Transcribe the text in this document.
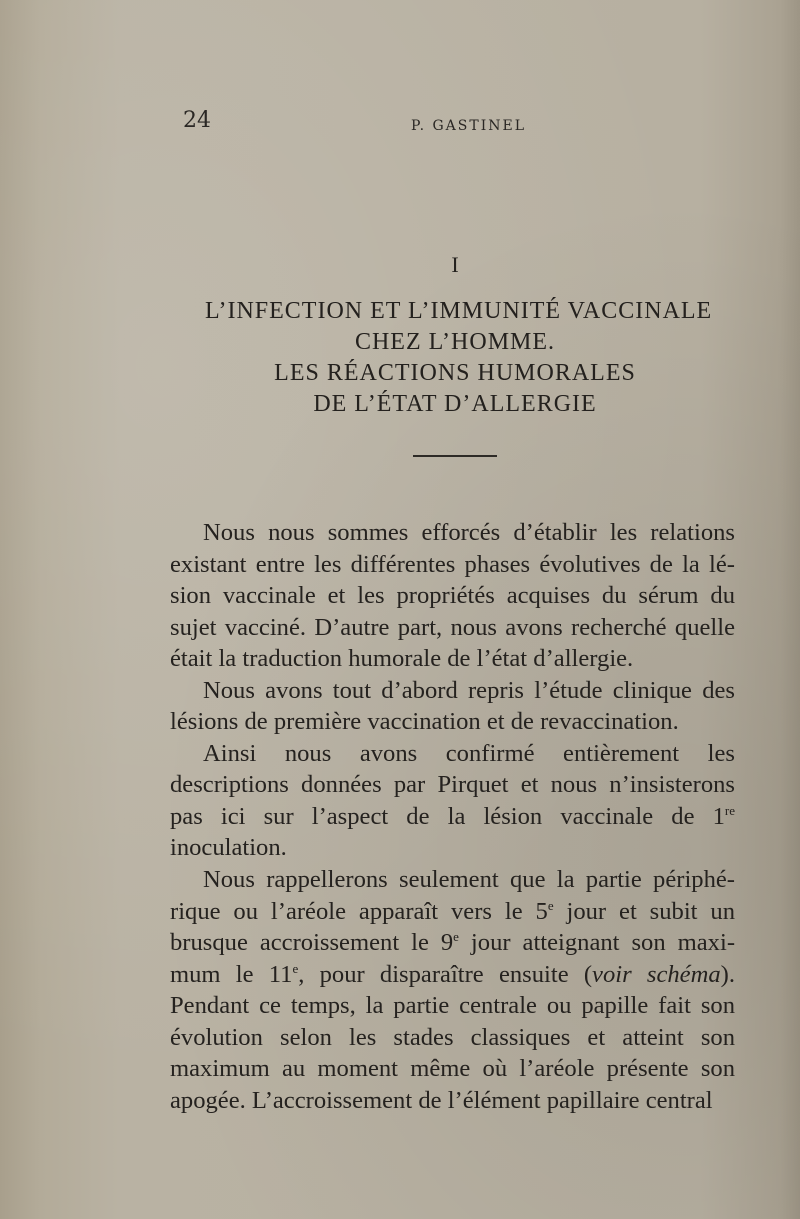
24	P. GASTINEL
I
L’INFECTION ET L’IMMUNITÉ VACCINALE
CHEZ L’HOMME.
LES RÉACTIONS HUMORALES
DE L’ÉTAT D’ALLERGIE

Nous nous sommes efforcés d’établir les relations existant entre les différentes phases évolutives de la lé-sion vaccinale et les propriétés acquises du sérum du sujet vacciné. D’autre part, nous avons recherché quelle était la traduction humorale de l’état d’allergie.

Nous avons tout d’abord repris l’étude clinique des lésions de première vaccination et de revaccination.

Ainsi nous avons confirmé entièrement les descriptions données par Pirquet et nous n’insisterons pas ici sur l’aspect de la lésion vaccinale de 1re inoculation.

Nous rappellerons seulement que la partie périphé-rique ou l’aréole apparaît vers le 5e jour et subit un brusque accroissement le 9e jour atteignant son maxi-mum le 11e, pour disparaître ensuite (voir schéma). Pendant ce temps, la partie centrale ou papille fait son évolution selon les stades classiques et atteint son maximum au moment même où l’aréole présente son apogée. L’accroissement de l’élément papillaire central
